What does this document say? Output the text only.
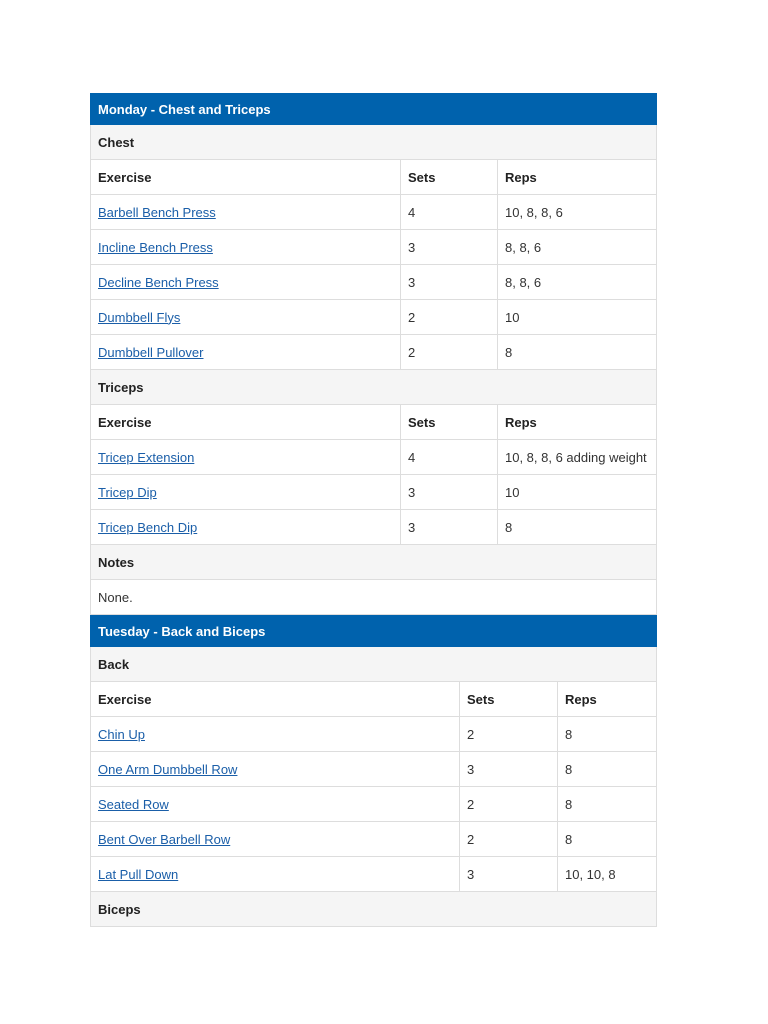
Monday - Chest and Triceps		
Chest		
Exercise	Sets	Reps
Barbell Bench Press	4	10, 8, 8, 6
Incline Bench Press	3	8, 8, 6
Decline Bench Press	3	8, 8, 6
Dumbbell Flys	2	10
Dumbbell Pullover	2	8
Triceps		
Exercise	Sets	Reps
Tricep Extension	4	10, 8, 8, 6 adding weight
Tricep Dip	3	10
Tricep Bench Dip	3	8
Notes		
None.		
Tuesday - Back and Biceps		
Back		
Exercise	Sets	Reps
Chin Up	2	8
One Arm Dumbbell Row	3	8
Seated Row	2	8
Bent Over Barbell Row	2	8
Lat Pull Down	3	10, 10, 8
Biceps		
